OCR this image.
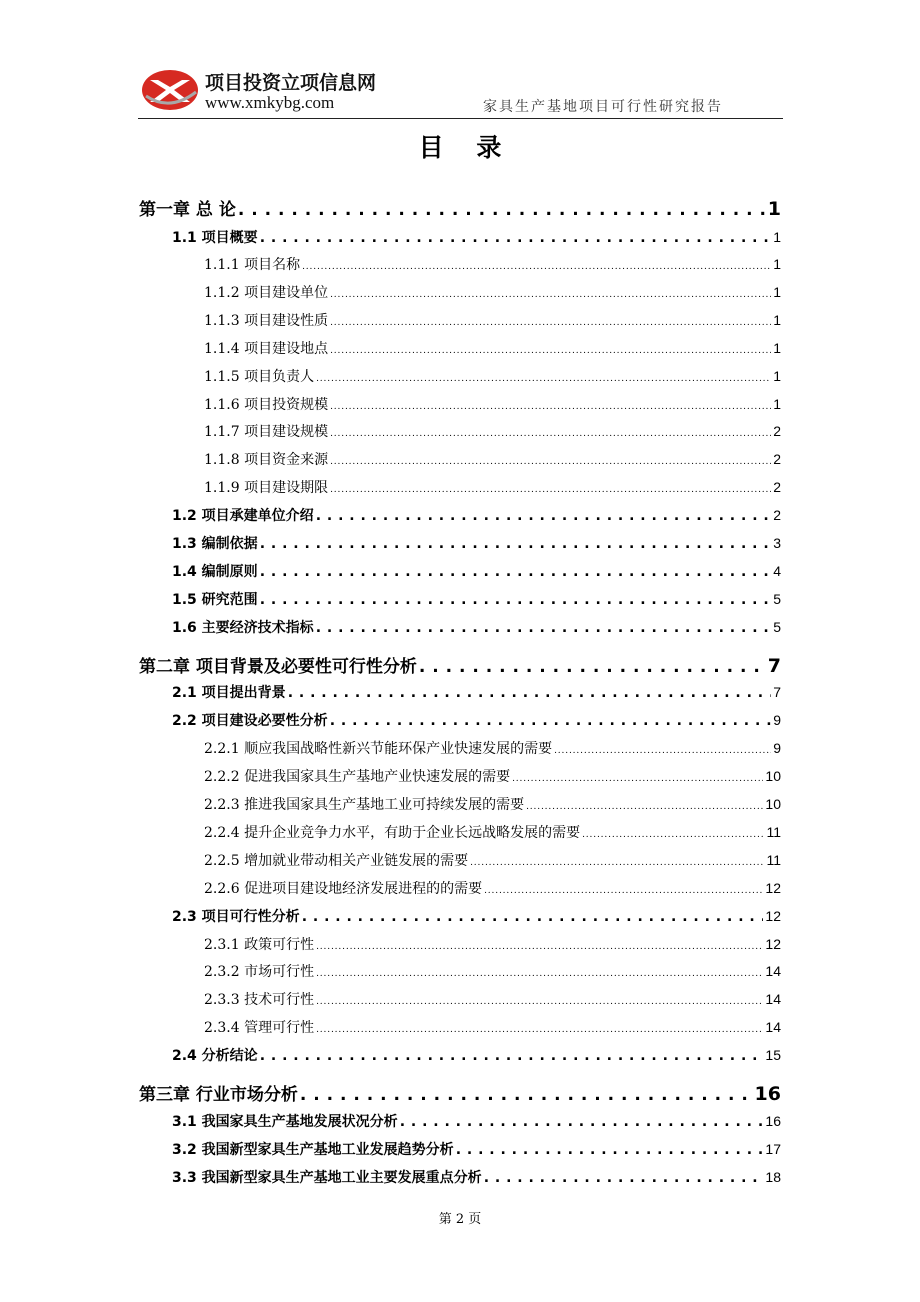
项目投资立项信息网
www.xmkybg.com	家具生产基地项目可行性研究报告
目 录
第一章 总 论 . . .	1
1.1 项目概要 . . .	1
1.1.1 项目名称 . . .	1
1.1.2 项目建设单位 . . .	1
1.1.3 项目建设性质 . . .	1
1.1.4 项目建设地点 . . .	1
1.1.5 项目负责人 . . .	1
1.1.6 项目投资规模 . . .	1
1.1.7 项目建设规模 . . .	2
1.1.8 项目资金来源 . . .	2
1.1.9 项目建设期限 . . .	2
1.2 项目承建单位介绍 . . .	2
1.3 编制依据 . . .	3
1.4 编制原则 . . .	4
1.5 研究范围 . . .	5
1.6 主要经济技术指标 . . .	5
第二章 项目背景及必要性可行性分析 . . .	7
2.1 项目提出背景 . . .	7
2.2 项目建设必要性分析 . . .	9
2.2.1 顺应我国战略性新兴节能环保产业快速发展的需要 . . .	9
2.2.2 促进我国家具生产基地产业快速发展的需要 . . .	10
2.2.3 推进我国家具生产基地工业可持续发展的需要 . . .	10
2.2.4 提升企业竞争力水平，有助于企业长远战略发展的需要 . . .	11
2.2.5 增加就业带动相关产业链发展的需要 . . .	11
2.2.6 促进项目建设地经济发展进程的的需要 . . .	12
2.3 项目可行性分析 . . .	12
2.3.1 政策可行性 . . .	12
2.3.2 市场可行性 . . .	14
2.3.3 技术可行性 . . .	14
2.3.4 管理可行性 . . .	14
2.4 分析结论 . . .	15
第三章 行业市场分析 . . .	16
3.1 我国家具生产基地发展状况分析 . . .	16
3.2 我国新型家具生产基地工业发展趋势分析 . . .	17
3.3 我国新型家具生产基地工业主要发展重点分析 . . .	18
第 2 页
